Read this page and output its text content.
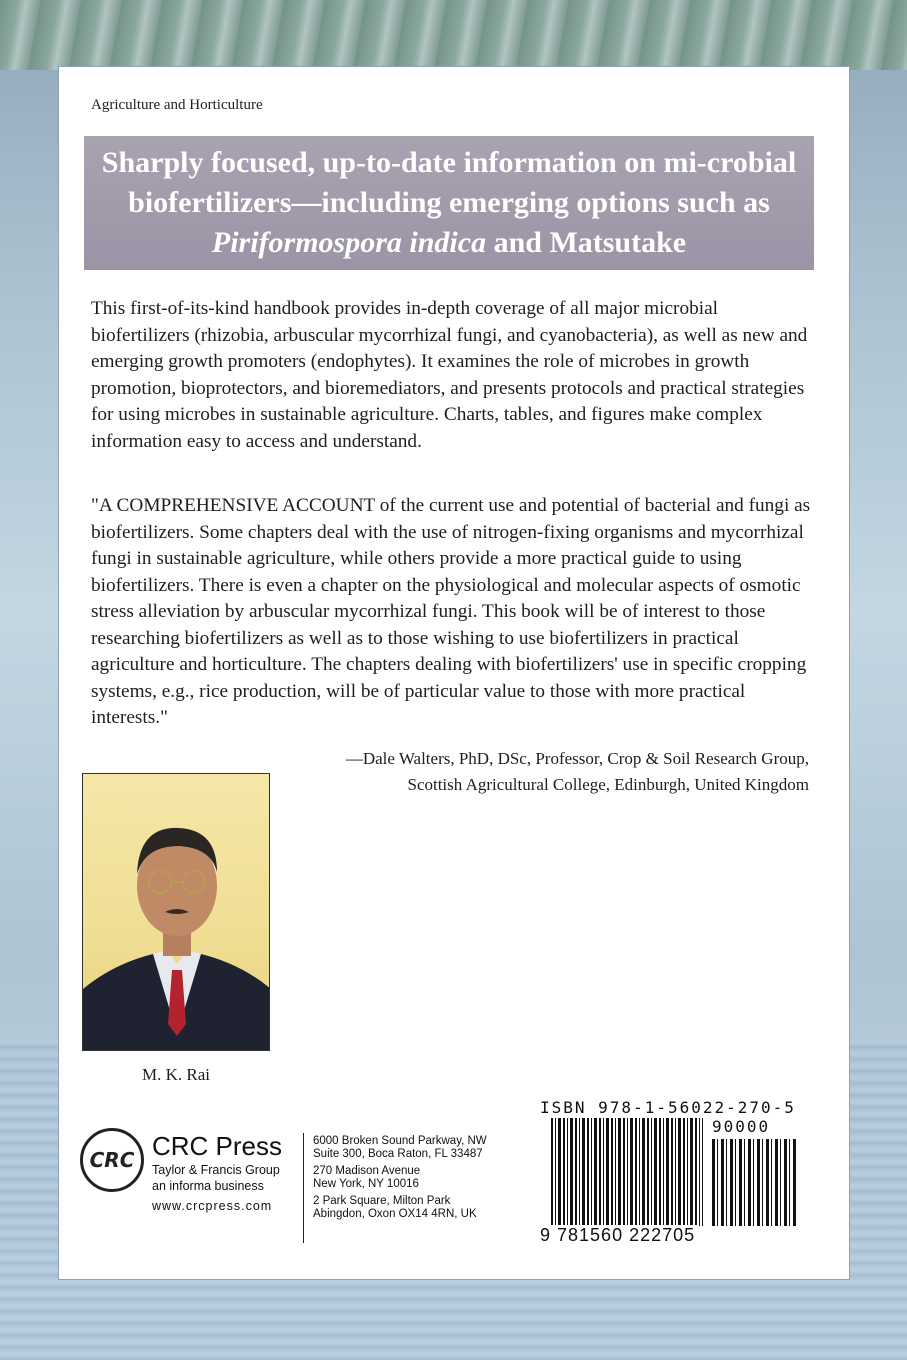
Agriculture and Horticulture

Sharply focused, up-to-date information on mi-crobial biofertilizers—including emerging options such as Piriformospora indica and Matsutake

This first-of-its-kind handbook provides in-depth coverage of all major microbial biofertilizers (rhizobia, arbuscular mycorrhizal fungi, and cyanobacteria), as well as new and emerging growth promoters (endophytes). It examines the role of microbes in growth promotion, bioprotectors, and bioremediators, and presents protocols and practical strategies for using microbes in sustainable agriculture. Charts, tables, and figures make complex information easy to access and understand.

"A COMPREHENSIVE ACCOUNT of the current use and potential of bacterial and fungi as biofertilizers. Some chapters deal with the use of nitrogen-fixing organisms and mycorrhizal fungi in sustainable agriculture, while others provide a more practical guide to using biofertilizers. There is even a chapter on the physiological and molecular aspects of osmotic stress alleviation by arbuscular mycorrhizal fungi. This book will be of interest to those researching biofertilizers as well as to those wishing to use biofertilizers in practical agriculture and horticulture. The chapters dealing with biofertilizers' use in specific cropping systems, e.g., rice production, will be of particular value to those with more practical interests."

—Dale Walters, PhD, DSc, Professor, Crop & Soil Research Group,
Scottish Agricultural College, Edinburgh, United Kingdom
M. K. Rai
CRC CRC Press
Taylor & Francis Group
an informa business
www.crcpress.com
6000 Broken Sound Parkway, NW
Suite 300, Boca Raton, FL 33487
270 Madison Avenue
New York, NY 10016
2 Park Square, Milton Park
Abingdon, Oxon OX14 4RN, UK
ISBN 978-1-56022-270-5
90000
9 781560 222705
